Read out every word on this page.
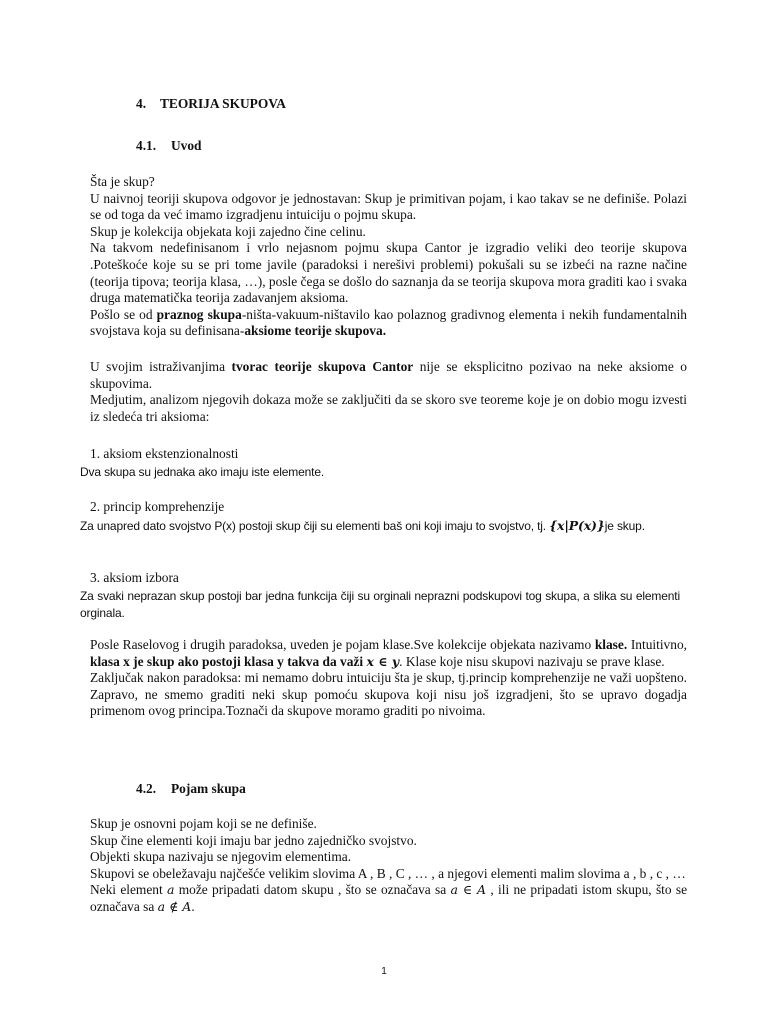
4. TEORIJA SKUPOVA
4.1. Uvod

Šta je skup?

U naivnoj teoriji skupova odgovor je jednostavan: Skup je primitivan pojam, i kao takav se ne definiše. Polazi se od toga da već imamo izgradjenu intuiciju o pojmu skupa.

Skup je kolekcija objekata koji zajedno čine celinu.

Na takvom nedefinisanom i vrlo nejasnom pojmu skupa Cantor je izgradio veliki deo teorije skupova .Poteškoće koje su se pri tome javile (paradoksi i nerešivi problemi) pokušali su se izbeći na razne načine (teorija tipova; teorija klasa, …), posle čega se došlo do saznanja da se teorija skupova mora graditi kao i svaka druga matematička teorija zadavanjem aksioma.

Pošlo se od praznog skupa-ništa-vakuum-ništavilo kao polaznog gradivnog elementa i nekih fundamentalnih svojstava koja su definisana-aksiome teorije skupova.

U svojim istraživanjima tvorac teorije skupova Cantor nije se eksplicitno pozivao na neke aksiome o skupovima.

Medjutim, analizom njegovih dokaza može se zaključiti da se skoro sve teoreme koje je on dobio mogu izvesti iz sledeća tri aksioma:

1. aksiom ekstenzionalnosti
Dva skupa su jednaka ako imaju iste elemente.
2. princip komprehenzije
Za unapred dato svojstvo P(x) postoji skup čiji su elementi baš oni koji imaju to svojstvo, tj. {x|P(x)}je skup.
3. aksiom izbora
Za svaki neprazan skup postoji bar jedna funkcija čiji su orginali neprazni podskupovi tog skupa, a slika su elementi orginala.

Posle Raselovog i drugih paradoksa, uveden je pojam klase.Sve kolekcije objekata nazivamo klase. Intuitivno, klasa x je skup ako postoji klasa y takva da važi x ∈ y. Klase koje nisu skupovi nazivaju se prave klase.

Zaključak nakon paradoksa: mi nemamo dobru intuiciju šta je skup, tj.princip komprehenzije ne važi uopšteno. Zapravo, ne smemo graditi neki skup pomoću skupova koji nisu još izgradjeni, što se upravo dogadja primenom ovog principa.Toznači da skupove moramo graditi po nivoima.

4.2. Pojam skupa

Skup je osnovni pojam koji se ne definiše.

Skup čine elementi koji imaju bar jedno zajedničko svojstvo.

Objekti skupa nazivaju se njegovim elementima.

Skupovi se obeležavaju najčešće velikim slovima A , B , C , … , a njegovi elementi malim slovima a , b , c , …

Neki element a može pripadati datom skupu , što se označava sa a ∈ A , ili ne pripadati istom skupu, što se označava sa a ∉ A.

1
